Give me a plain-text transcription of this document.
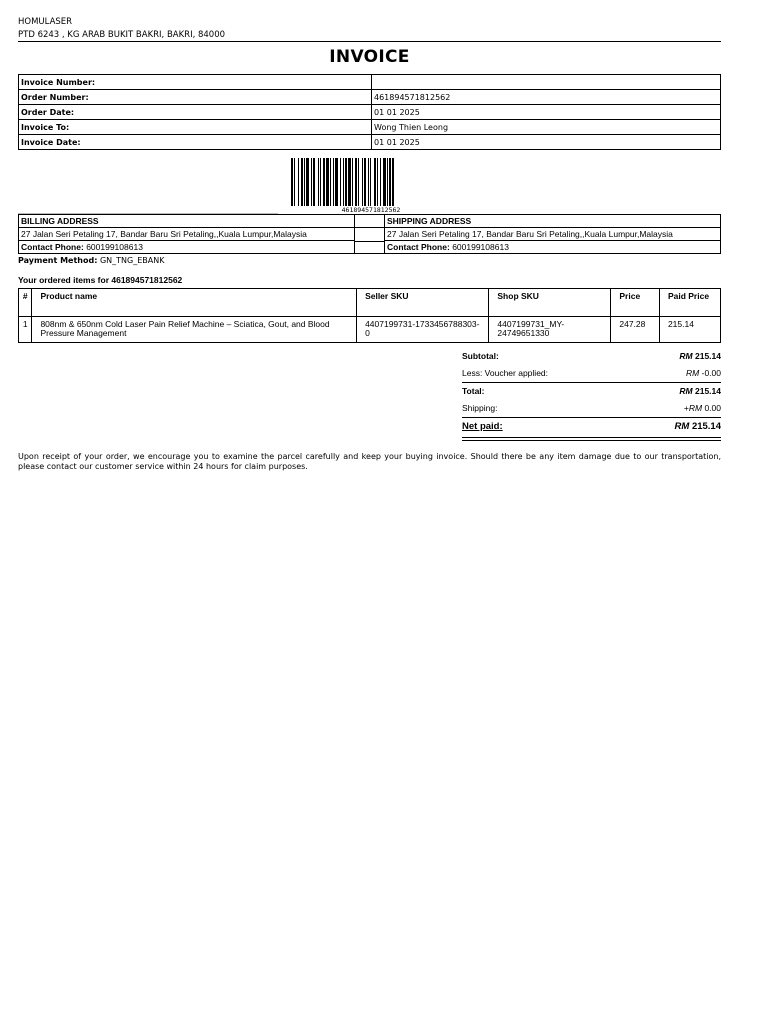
HOMULASER
PTD 6243 , KG ARAB BUKIT BAKRI, BAKRI, 84000
INVOICE
Invoice Number:	
Order Number:	461894571812562
Order Date:	01 01 2025
Invoice To:	Wong Thien Leong
Invoice Date:	01 01 2025
461894571812562
BILLING ADDRESS
27 Jalan Seri Petaling 17, Bandar Baru Sri Petaling,,Kuala Lumpur,Malaysia
Contact Phone: 600199108613
SHIPPING ADDRESS
27 Jalan Seri Petaling 17, Bandar Baru Sri Petaling,,Kuala Lumpur,Malaysia
Contact Phone: 600199108613
Payment Method: GN_TNG_EBANK
Your ordered items for 461894571812562
#	Product name	Seller SKU	Shop SKU	Price	Paid Price
1	808nm & 650nm Cold Laser Pain Relief Machine – Sciatica, Gout, and Blood Pressure Management	4407199731-1733456788303-0	4407199731_MY-24749651330	247.28	215.14
Subtotal:	RM 215.14
Less: Voucher applied:	RM -0.00
Total:	RM 215.14
Shipping:	+RM 0.00
Net paid:	RM 215.14
Upon receipt of your order, we encourage you to examine the parcel carefully and keep your buying invoice. Should there be any item damage due to our transportation, please contact our customer service within 24 hours for claim purposes.
